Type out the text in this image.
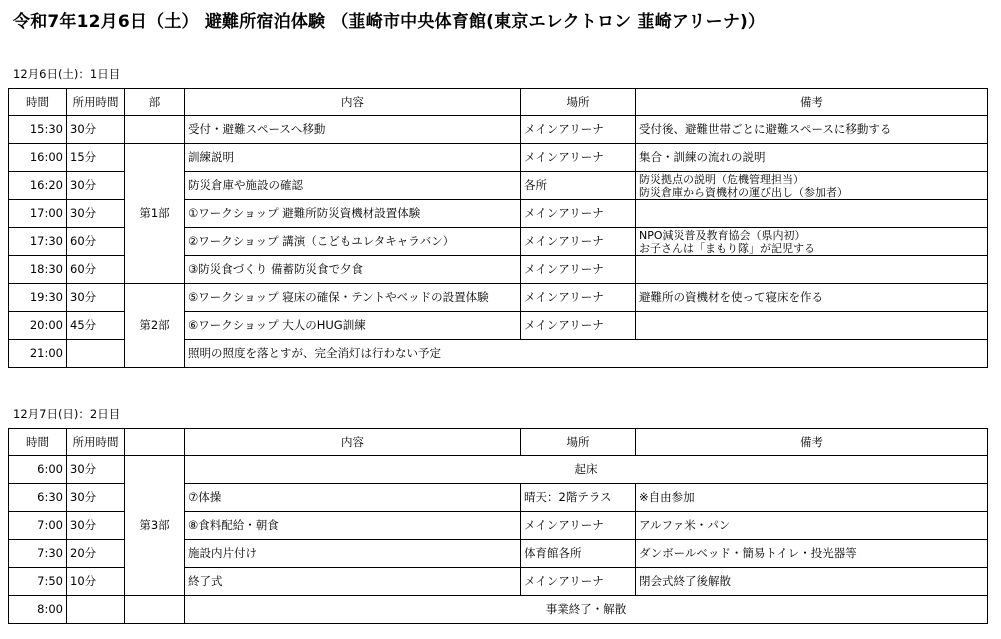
令和7年12月6日（土） 避難所宿泊体験 （韮崎市中央体育館(東京エレクトロン 韮崎アリーナ)）
12月6日(土)：1日目
時間	所用時間	部	内容	場所	備考
15:30	30分		受付・避難スペースへ移動	メインアリーナ	受付後、避難世帯ごとに避難スペースに移動する
16:00	15分	第1部	訓練説明	メインアリーナ	集合・訓練の流れの説明
16:20	30分		防災倉庫や施設の確認	各所	防災拠点の説明（危機管理担当）
防災倉庫から資機材の運び出し（参加者）

17:00	30分		①ワークショップ 避難所防災資機材設置体験	メインアリーナ	
17:30	60分		②ワークショップ 講演（こどもユレタキャラバン）	メインアリーナ	NPO減災普及教育協会（県内初）
お子さんは「まもり隊」が記児する

18:30	60分		③防災食づくり 備蓄防災食で夕食	メインアリーナ	
19:30	30分	第2部	⑤ワークショップ 寝床の確保・テントやベッドの設置体験	メインアリーナ	避難所の資機材を使って寝床を作る
20:00	45分		⑥ワークショップ 大人のHUG訓練	メインアリーナ	
21:00			照明の照度を落とすが、完全消灯は行わない予定		
12月7日(日)：2日目
時間	所用時間		内容	場所	備考
6:00	30分	第3部	起床		
6:30	30分		⑦体操	晴天：2階テラス	※自由参加
7:00	30分		⑧食料配給・朝食	メインアリーナ	アルファ米・パン
7:30	20分		施設内片付け	体育館各所	ダンボールベッド・簡易トイレ・投光器等
7:50	10分		終了式	メインアリーナ	閉会式終了後解散
8:00			事業終了・解散		
